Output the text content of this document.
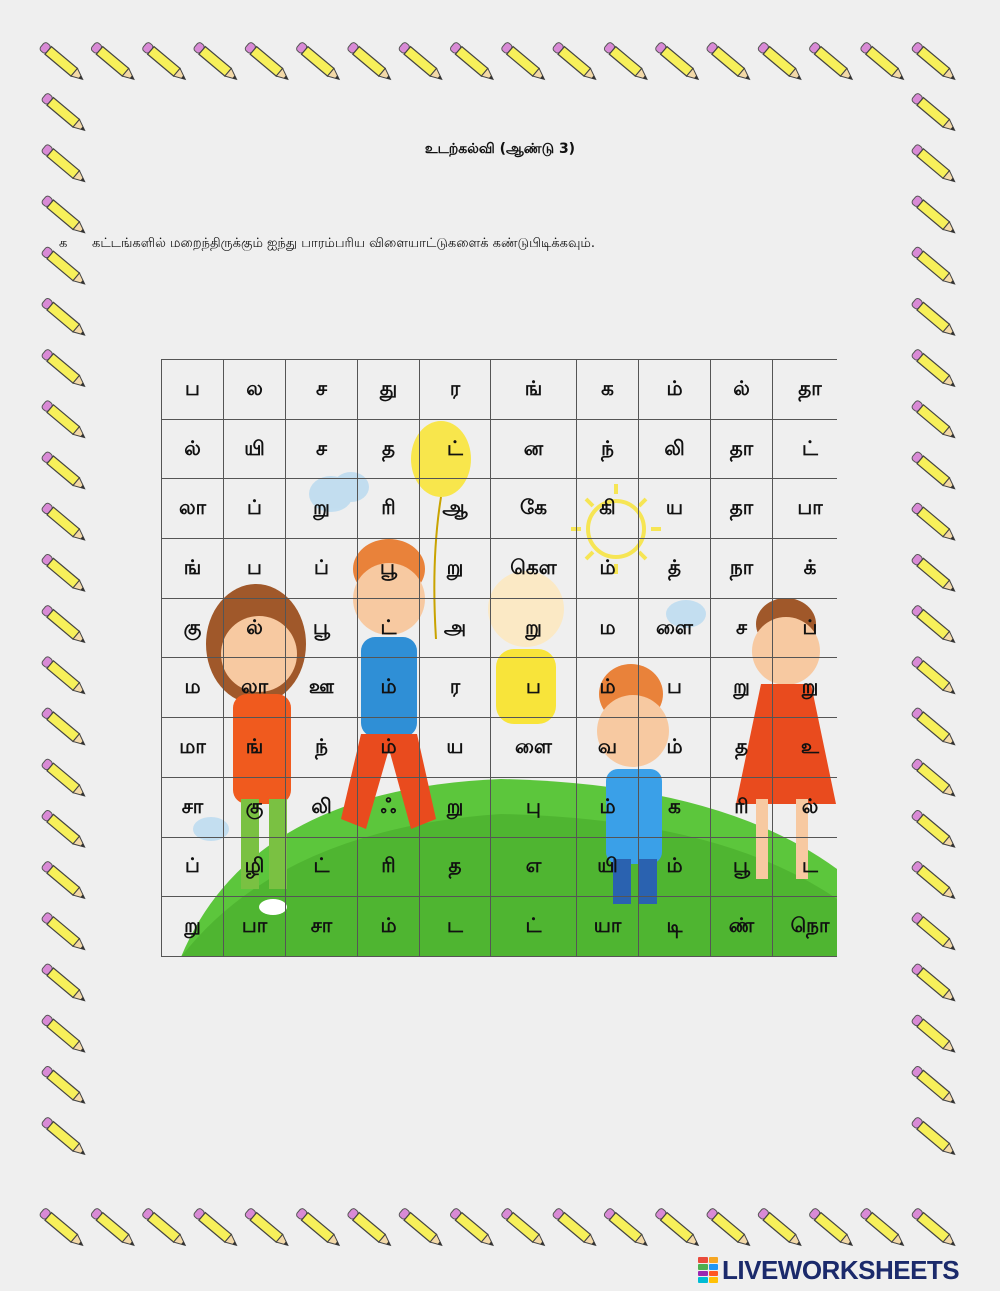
உடற்கல்வி (ஆண்டு 3)
க கட்டங்களில் மறைந்திருக்கும் ஐந்து பாரம்பரிய விளையாட்டுகளைக் கண்டுபிடிக்கவும்.
ப	ல	ச	து	ர	ங்	க	ம்	ல்	தா
ல்	யி	ச	த	ட்	ன	ந்	லி	தா	ட்
லா	ப்	று	ரி	ஆ	கே	கி	ய	தா	பா
ங்	ப	ப்	பூ	று	கௌ	ம்	த்	நா	க்
கு	ல்	பூ	ட்	அ	று	ம	ளை	ச	ப்
ம	லா	ஊ	ம்	ர	ப	ம்	ப	று	று
மா	ங்	ந்	ம்	ய	ளை	வ	ம்	த	உ
சா	கு	லி	ஃ	று	பு	ம்	க	ரி	ல்
ப்	ழி	ட்	ரி	த	எ	யி	ம்	பூ	ட
று	பா	சா	ம்	ட	ட்	யா	டி	ண்	நொ
LIVEWORKSHEETS
